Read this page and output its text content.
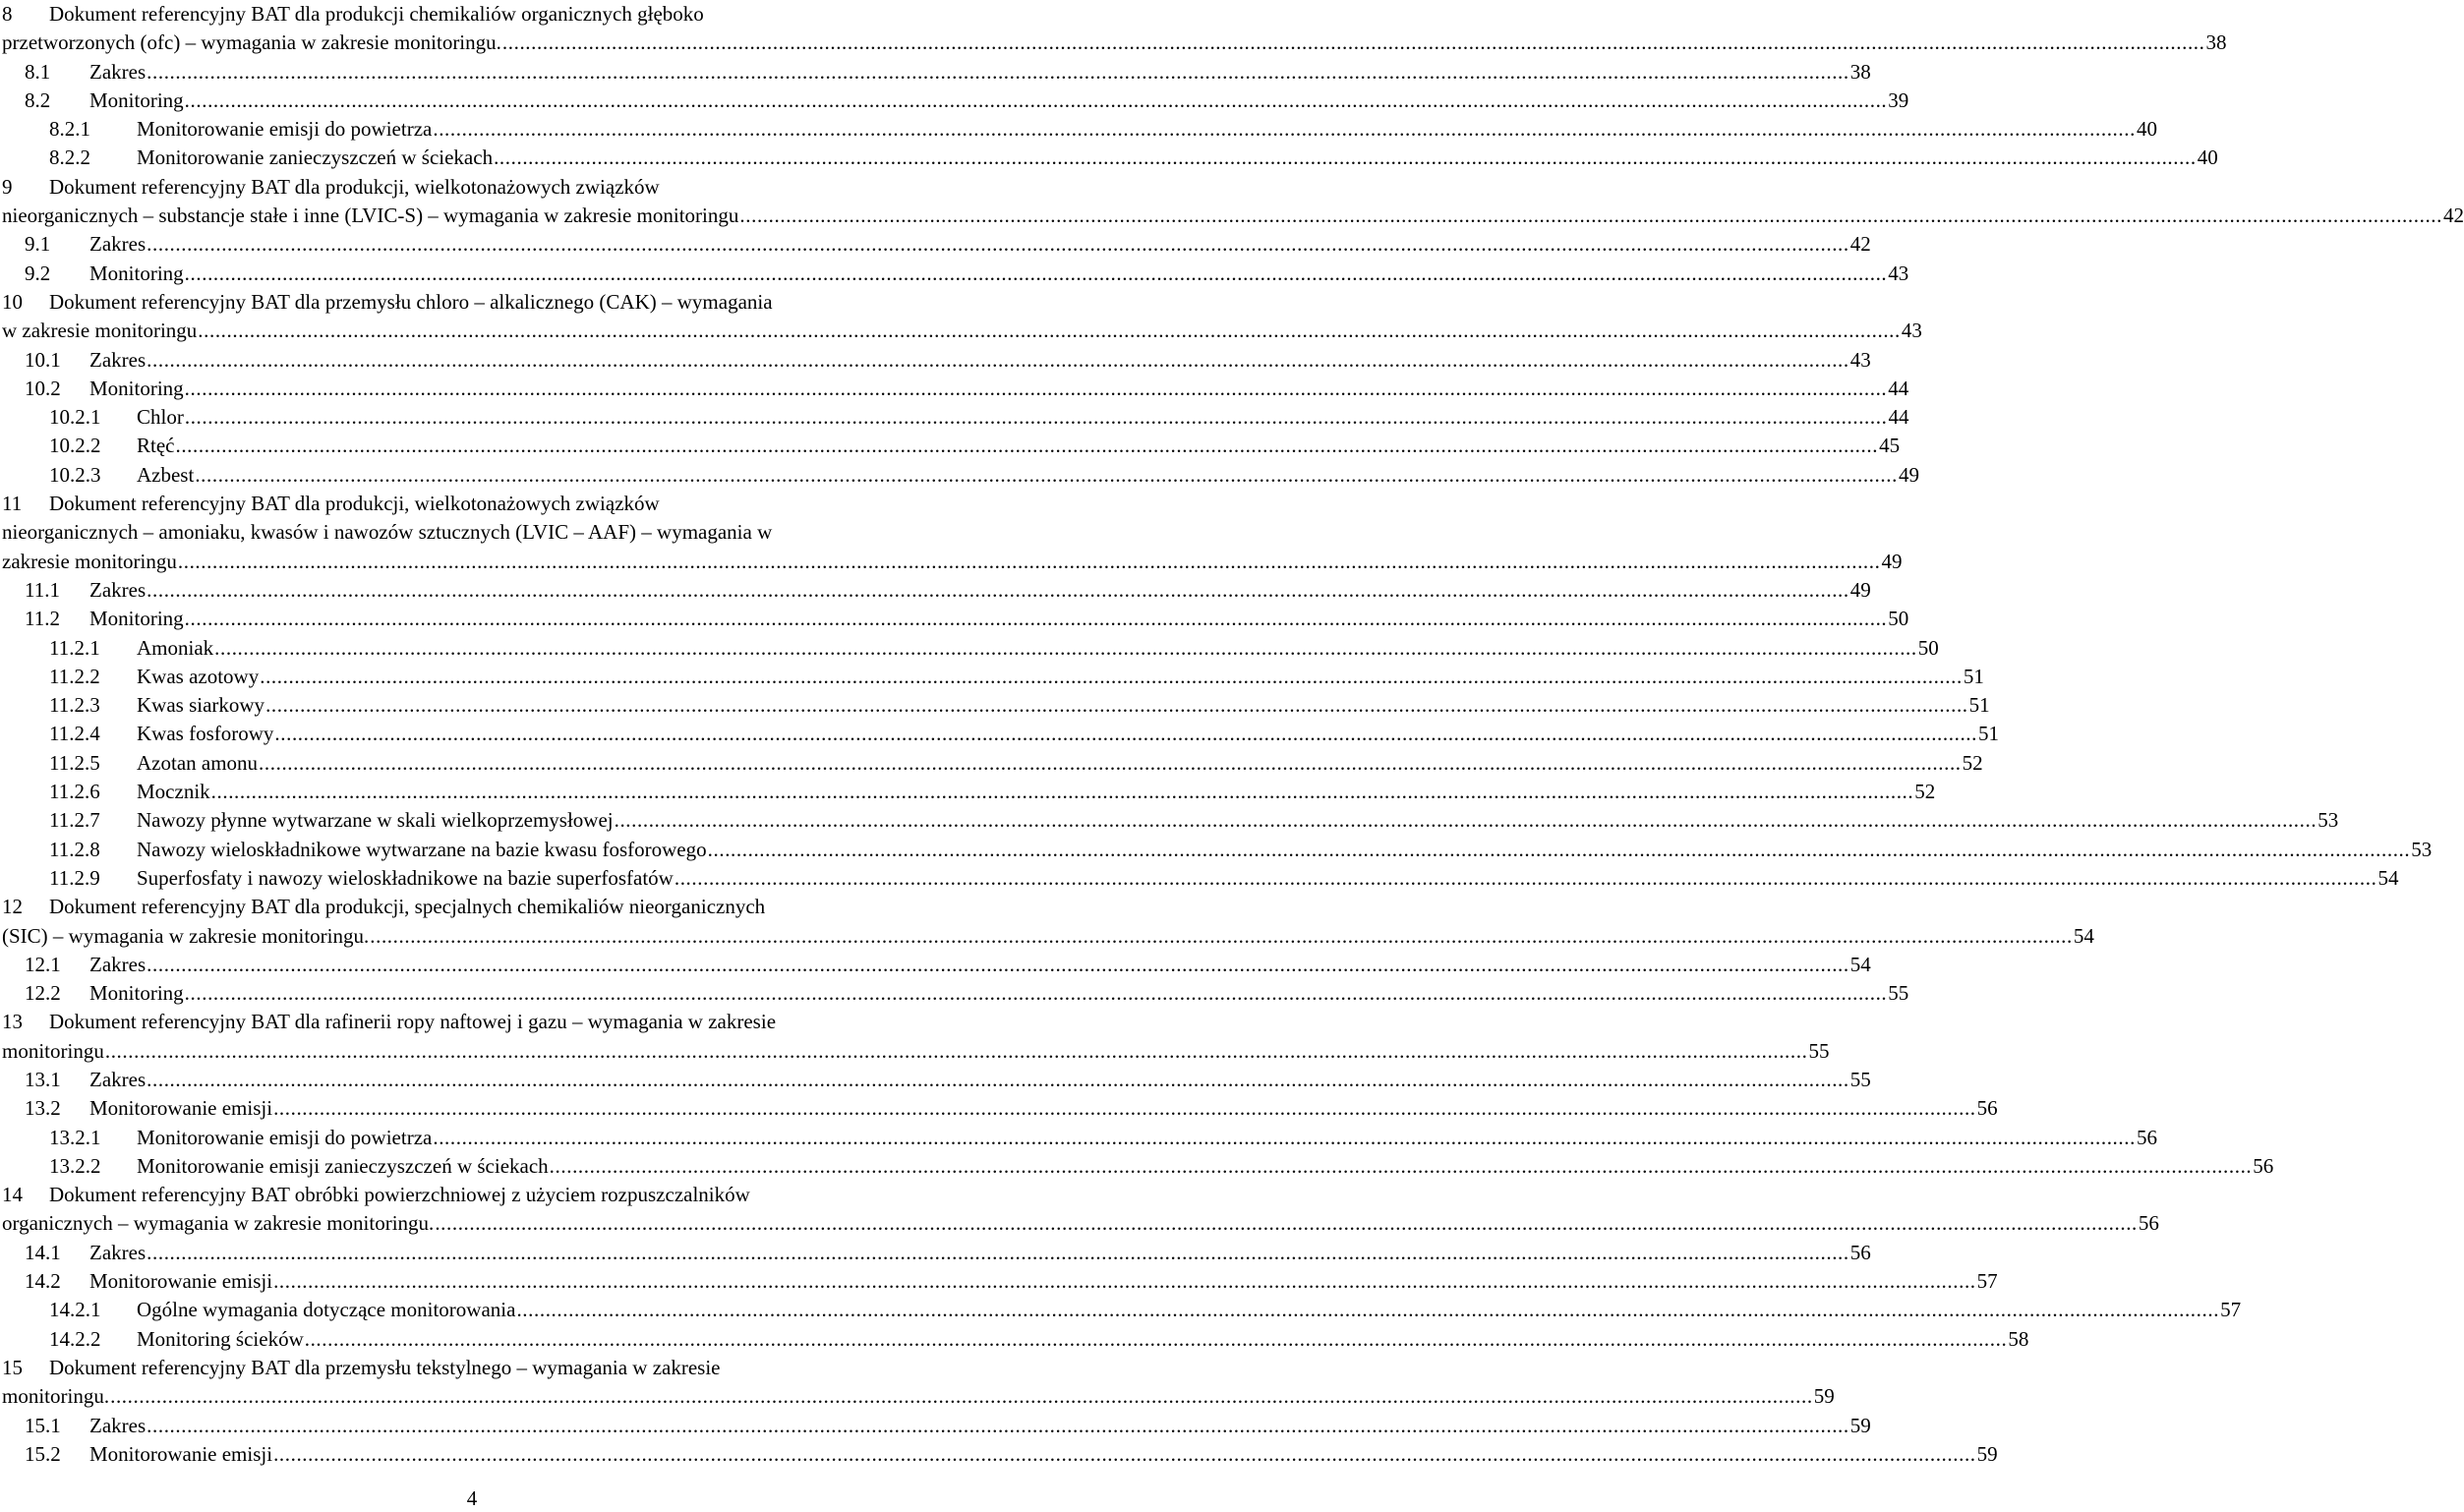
8	Dokument referencyjny BAT dla produkcji chemikaliów organicznych głęboko
przetworzonych (ofc) – wymagania w zakresie monitoringu. .....	38
8.1	Zakres .....	38
8.2	Monitoring .....	39
8.2.1	Monitorowanie emisji do powietrza .....	40
8.2.2	Monitorowanie zanieczyszczeń w ściekach .....	40
9	Dokument referencyjny BAT dla produkcji, wielkotonażowych związków
nieorganicznych – substancje stałe i inne (LVIC-S) – wymagania w zakresie monitoringu .....	42
9.1	Zakres .....	42
9.2	Monitoring .....	43
10	Dokument referencyjny BAT dla przemysłu chloro – alkalicznego (CAK) – wymagania
w zakresie monitoringu .....	43
10.1	Zakres .....	43
10.2	Monitoring .....	44
10.2.1	Chlor .....	44
10.2.2	Rtęć .....	45
10.2.3	Azbest .....	49
11	Dokument referencyjny BAT dla produkcji, wielkotonażowych związków
nieorganicznych – amoniaku, kwasów i nawozów sztucznych (LVIC – AAF) – wymagania w
zakresie monitoringu .....	49
11.1	Zakres .....	49
11.2	Monitoring .....	50
11.2.1	Amoniak .....	50
11.2.2	Kwas azotowy .....	51
11.2.3	Kwas siarkowy .....	51
11.2.4	Kwas fosforowy .....	51
11.2.5	Azotan amonu .....	52
11.2.6	Mocznik .....	52
11.2.7	Nawozy płynne wytwarzane w skali wielkoprzemysłowej .....	53
11.2.8	Nawozy wieloskładnikowe wytwarzane na bazie kwasu fosforowego .....	53
11.2.9	Superfosfaty i nawozy wieloskładnikowe na bazie superfosfatów .....	54
12	Dokument referencyjny BAT dla produkcji, specjalnych chemikaliów nieorganicznych
(SIC) – wymagania w zakresie monitoringu. .....	54
12.1	Zakres .....	54
12.2	Monitoring .....	55
13	Dokument referencyjny BAT dla rafinerii ropy naftowej i gazu – wymagania w zakresie
monitoringu .....	55
13.1	Zakres .....	55
13.2	Monitorowanie emisji .....	56
13.2.1	Monitorowanie emisji do powietrza .....	56
13.2.2	Monitorowanie emisji zanieczyszczeń w ściekach .....	56
14	Dokument referencyjny BAT obróbki powierzchniowej z użyciem rozpuszczalników
organicznych – wymagania w zakresie monitoringu. .....	56
14.1	Zakres .....	56
14.2	Monitorowanie emisji .....	57
14.2.1	Ogólne wymagania dotyczące monitorowania .....	57
14.2.2	Monitoring ścieków .....	58
15	Dokument referencyjny BAT dla przemysłu tekstylnego – wymagania w zakresie
monitoringu. .....	59
15.1	Zakres .....	59
15.2	Monitorowanie emisji .....	59
4
